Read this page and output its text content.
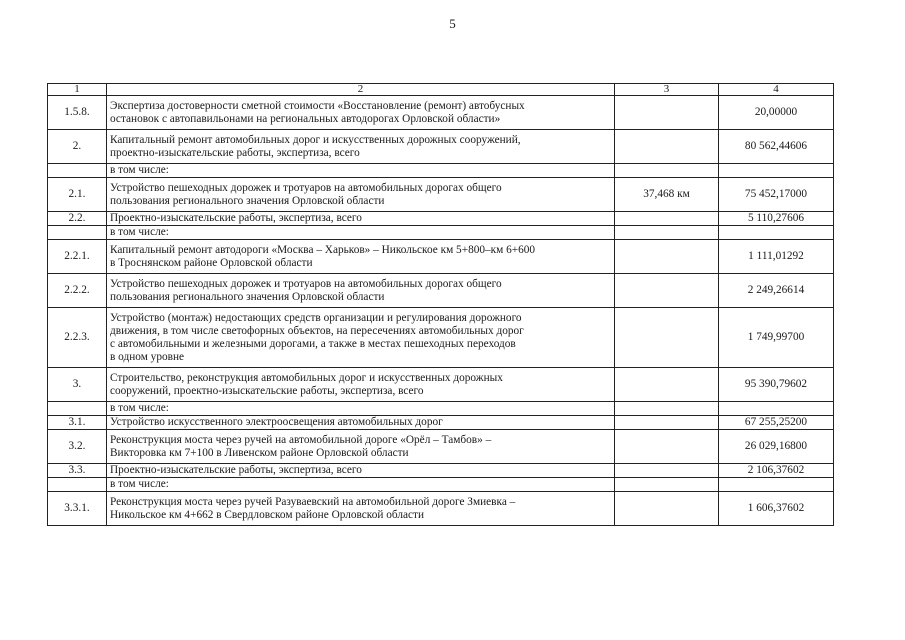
5
1	2	3	4
1.5.8.	Экспертиза достоверности сметной стоимости «Восстановление (ремонт) автобусных
остановок с автопавильонами на региональных автодорогах Орловской области»		20,00000
2.	Капитальный ремонт автомобильных дорог и искусственных дорожных сооружений,
проектно-изыскательские работы, экспертиза, всего		80 562,44606

	в том числе:		

2.1.	Устройство пешеходных дорожек и тротуаров на автомобильных дорогах общего
пользования регионального значения Орловской области	37,468 км	75 452,17000
2.2.	Проектно-изыскательские работы, экспертиза, всего		5 110,27606

	в том числе:		

2.2.1.	Капитальный ремонт автодороги «Москва – Харьков» – Никольское км 5+800–км 6+600
в Троснянском районе Орловской области		1 111,01292
2.2.2.	Устройство пешеходных дорожек и тротуаров на автомобильных дорогах общего
пользования регионального значения Орловской области		2 249,26614
2.2.3.	Устройство (монтаж) недостающих средств организации и регулирования дорожного
движения, в том числе светофорных объектов, на пересечениях автомобильных дорог
с автомобильными и железными дорогами, а также в местах пешеходных переходов
в одном уровне		1 749,99700
3.	Строительство, реконструкция автомобильных дорог и искусственных дорожных
сооружений, проектно-изыскательские работы, экспертиза, всего		95 390,79602

	в том числе:		

3.1.	Устройство искусственного электроосвещения автомобильных дорог		67 255,25200
3.2.	Реконструкция моста через ручей на автомобильной дороге «Орёл – Тамбов» –
Викторовка км 7+100 в Ливенском районе Орловской области		26 029,16800
3.3.	Проектно-изыскательские работы, экспертиза, всего		2 106,37602

	в том числе:		

3.3.1.	Реконструкция моста через ручей Разуваевский на автомобильной дороге Змиевка –
Никольское км 4+662 в Свердловском районе Орловской области		1 606,37602
